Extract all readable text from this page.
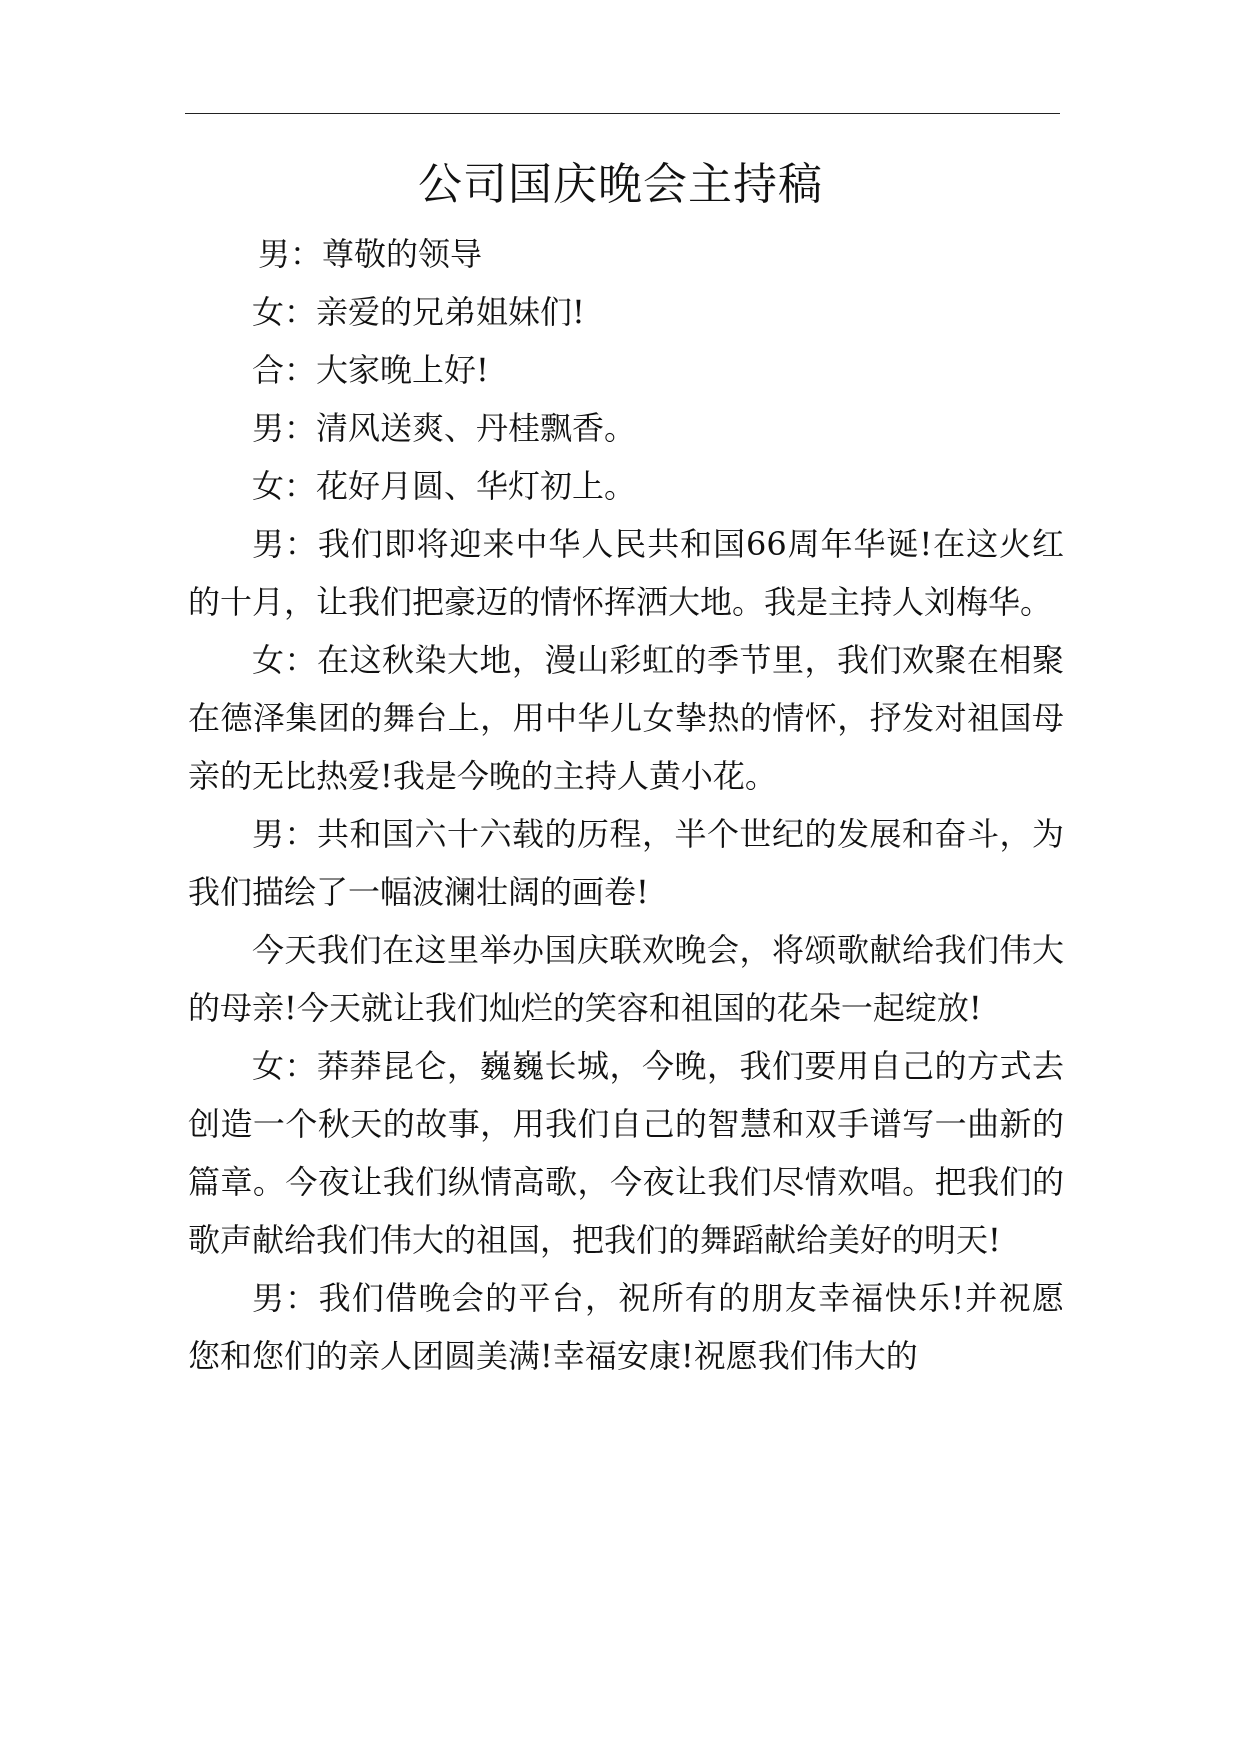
公司国庆晚会主持稿

男：尊敬的领导

女：亲爱的兄弟姐妹们!

合：大家晚上好!

男：清风送爽、丹桂飘香。

女：花好月圆、华灯初上。

男：我们即将迎来中华人民共和国66周年华诞!在这火红的十月，让我们把豪迈的情怀挥洒大地。我是主持人刘梅华。

女：在这秋染大地，漫山彩虹的季节里，我们欢聚在相聚在德泽集团的舞台上，用中华儿女挚热的情怀，抒发对祖国母亲的无比热爱!我是今晚的主持人黄小花。

男：共和国六十六载的历程，半个世纪的发展和奋斗，为我们描绘了一幅波澜壮阔的画卷!

今天我们在这里举办国庆联欢晚会，将颂歌献给我们伟大的母亲!今天就让我们灿烂的笑容和祖国的花朵一起绽放!

女：莽莽昆仑，巍巍长城，今晚，我们要用自己的方式去创造一个秋天的故事，用我们自己的智慧和双手谱写一曲新的篇章。今夜让我们纵情高歌，今夜让我们尽情欢唱。把我们的歌声献给我们伟大的祖国，把我们的舞蹈献给美好的明天!

男：我们借晚会的平台，祝所有的朋友幸福快乐!并祝愿您和您们的亲人团圆美满!幸福安康!祝愿我们伟大的
